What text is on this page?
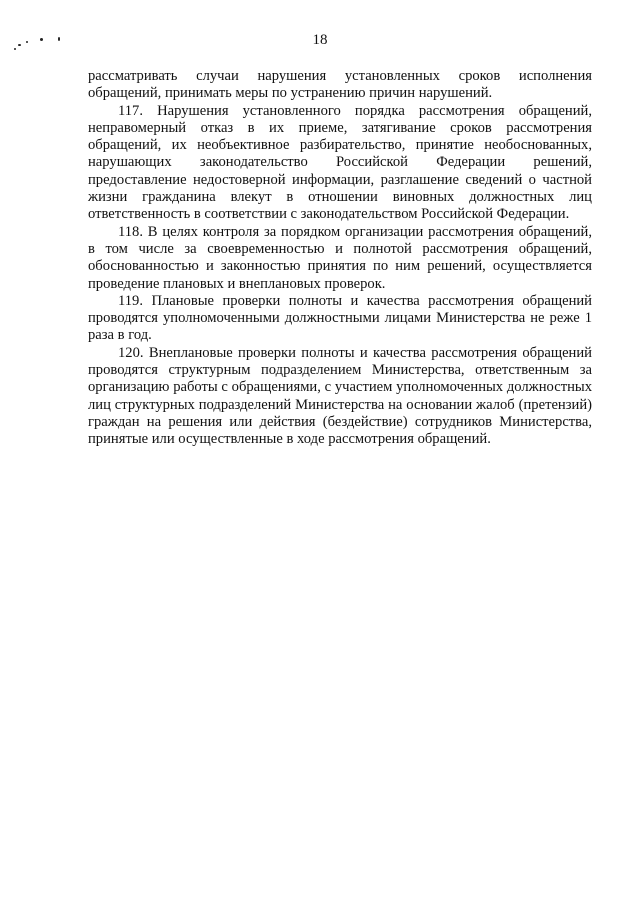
18

рассматривать случаи нарушения установленных сроков исполнения обращений, принимать меры по устранению причин нарушений.

117. Нарушения установленного порядка рассмотрения обращений, неправомерный отказ в их приеме, затягивание сроков рассмотрения обращений, их необъективное разбирательство, принятие необоснованных, нарушающих законодательство Российской Федерации решений, предоставление недостоверной информации, разглашение сведений о частной жизни гражданина влекут в отношении виновных должностных лиц ответственность в соответствии с законодательством Российской Федерации.

118. В целях контроля за порядком организации рассмотрения обращений, в том числе за своевременностью и полнотой рассмотрения обращений, обоснованностью и законностью принятия по ним решений, осуществляется проведение плановых и внеплановых проверок.

119. Плановые проверки полноты и качества рассмотрения обращений проводятся уполномоченными должностными лицами Министерства не реже 1 раза в год.

120. Внеплановые проверки полноты и качества рассмотрения обращений проводятся структурным подразделением Министерства, ответственным за организацию работы с обращениями, с участием уполномоченных должностных лиц структурных подразделений Министерства на основании жалоб (претензий) граждан на решения или действия (бездействие) сотрудников Министерства, принятые или осуществленные в ходе рассмотрения обращений.
